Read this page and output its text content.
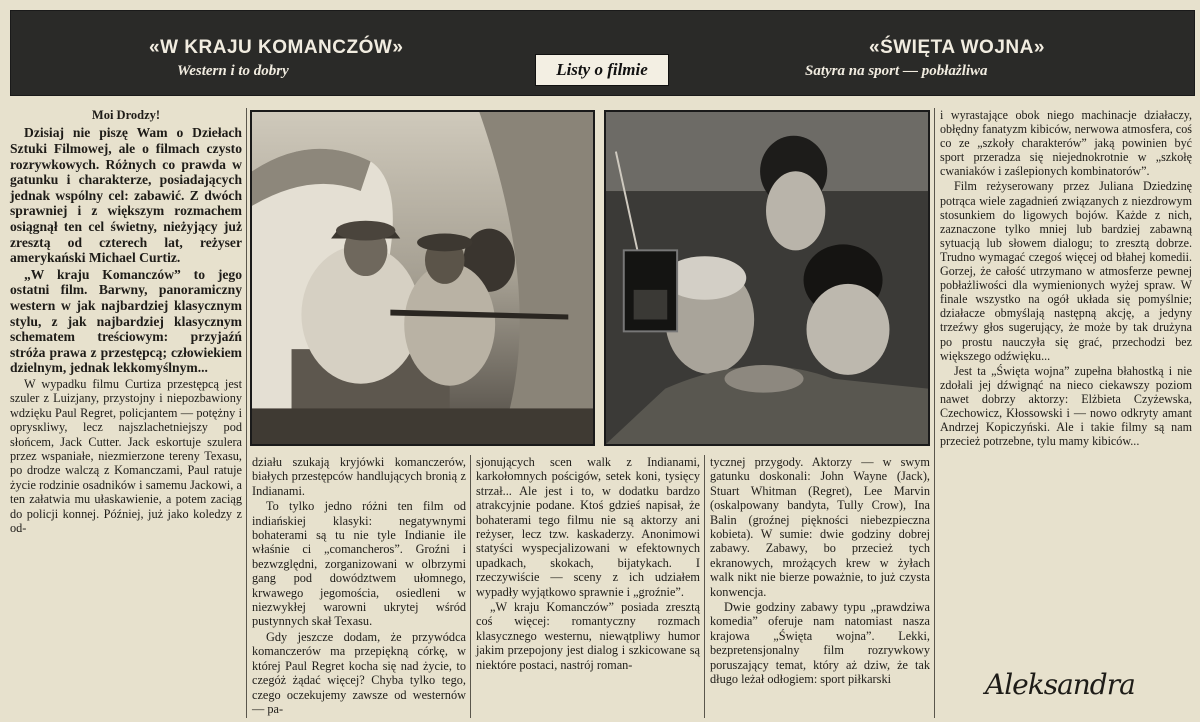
«W KRAJU KOMANCZÓW»
Western i to dobry	Listy o filmie
«ŚWIĘTA WOJNA»
Satyra na sport — pobłażliwa
Moi Drodzy!

Dzisiaj nie piszę Wam o Dziełach Sztuki Filmowej, ale o filmach czysto rozrywkowych. Różnych co prawda w gatunku i charakterze, posiadających jednak wspólny cel: zabawić. Z dwóch sprawniej i z większym rozmachem osiągnął ten cel świetny, nieżyjący już zresztą od czterech lat, reżyser amerykański Michael Curtiz.

„W kraju Komanczów” to jego ostatni film. Barwny, panoramiczny western w jak najbardziej klasycznym stylu, z jak najbardziej klasycznym schematem treściowym: przyjaźń stróża prawa z przestępcą; człowiekiem dzielnym, jednak lekkomyślnym...

W wypadku filmu Curtiza przestępcą jest szuler z Luizjany, przystojny i niepozbawiony wdzięku Paul Regret, policjantem — potężny i oprysкliwy, lecz najszlachetniejszy pod słońcem, Jack Cutter. Jack eskortuje szulera przez wspaniałe, niezmierzone tereny Texasu, po drodze walczą z Komanczami, Paul ratuje życie rodzinie osadników i samemu Jackowi, a ten załatwia mu ułaskawienie, a potem zaciąg do policji konnej. Później, już jako koledzy z od-

działu szukają kryjówki komanczerów, białych przestępców handlujących bronią z Indianami.

To tylko jedno różni ten film od indiańskiej klasyki: negatywnymi bohaterami są tu nie tyle Indianie ile właśnie ci „comancheros”. Groźni i bezwzględni, zorganizowani w olbrzymi gang pod dowództwem ułomnego, krwawego jegomościa, osiedleni w niezwykłej warowni ukrytej wśród pustynnych skał Texasu.

Gdy jeszcze dodam, że przywódca komanczerów ma przepiękną córkę, w której Paul Regret kocha się nad życie, to czegóż żądać więcej? Chyba tylko tego, czego oczekujemy zawsze od westernów — pa-

sjonujących scen walk z Indianami, karkołomnych pościgów, setek koni, tysięcy strzał... Ale jest i to, w dodatku bardzo atrakcyjnie podane. Ktoś gdzieś napisał, że bohaterami tego filmu nie są aktorzy ani reżyser, lecz tzw. kaskaderzy. Anonimowi statyści wyspecjalizowani w efektownych upadkach, skokach, bijatykach. I rzeczywiście — sceny z ich udziałem wypadły wyjątkowo sprawnie i „groźnie”.

„W kraju Komanczów” posiada zresztą coś więcej: romantyczny rozmach klasycznego westernu, niewątpliwy humor jakim przepojony jest dialog i szkicowane są niektóre postaci, nastrój roman-

tycznej przygody. Aktorzy — w swym gatunku doskonali: John Wayne (Jack), Stuart Whitman (Regret), Lee Marvin (oskalpowany bandyta, Tully Crow), Ina Balin (groźnej piękności niebezpieczna kobieta). W sumie: dwie godziny dobrej zabawy. Zabawy, bo przecież tych ekranowych, mrożących krew w żyłach walk nikt nie bierze poważnie, to już czysta konwencja.

Dwie godziny zabawy typu „prawdziwa komedia” oferuje nam natomiast nasza krajowa „Święta wojna”. Lekki, bezpretensjonalny film rozrywkowy poruszający temat, który aż dziw, że tak długo leżał odłogiem: sport piłkarski

i wyrastające obok niego machinacje działaczy, obłędny fanatyzm kibiców, nerwowa atmosfera, coś co ze „szkoły charakterów” jaką powinien być sport przeradza się niejednokrotnie w „szkołę cwaniaków i zaślepionych kombinatorów”.

Film reżyserowany przez Juliana Dziedzinę potrąca wiele zagadnień związanych z niezdrowym stosunkiem do ligowych bojów. Każde z nich, zaznaczone tylko mniej lub bardziej zabawną sytuacją lub słowem dialogu; to zresztą dobrze. Trudno wymagać czegoś więcej od błahej komedii. Gorzej, że całość utrzymano w atmosferze pewnej pobłażliwości dla wymienionych wyżej spraw. W finale wszystko na ogół układa się pomyślnie; działacze obmyślają następną akcję, a jedyny trzeźwy głos sugerujący, że może by tak drużyna po prostu nauczyła się grać, przechodzi bez większego odźwięku...

Jest ta „Święta wojna” zupełna błahostką i nie zdołali jej dźwignąć na nieco ciekawszy poziom nawet dobrzy aktorzy: Elżbieta Czyżewska, Czechowicz, Kłossowski i — nowo odkryty amant Andrzej Kopiczyński. Ale i takie filmy są nam przecież potrzebne, tylu mamy kibiców...

Aleksandra
